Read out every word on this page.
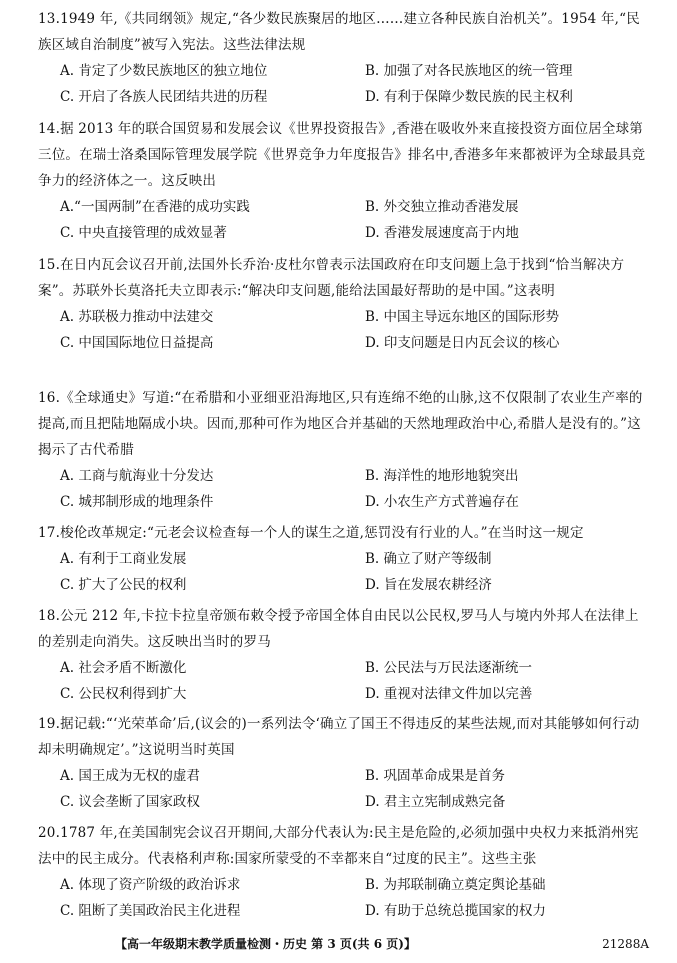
13.1949 年,《共同纲领》规定,“各少数民族聚居的地区……建立各种民族自治机关”。1954 年,“民族区域自治制度”被写入宪法。这些法律法规

A. 肯定了少数民族地区的独立地位	B. 加强了对各民族地区的统一管理
C. 开启了各族人民团结共进的历程	D. 有利于保障少数民族的民主权利

14.据 2013 年的联合国贸易和发展会议《世界投资报告》,香港在吸收外来直接投资方面位居全球第三位。在瑞士洛桑国际管理发展学院《世界竞争力年度报告》排名中,香港多年来都被评为全球最具竞争力的经济体之一。这反映出

A.“一国两制”在香港的成功实践	B. 外交独立推动香港发展
C. 中央直接管理的成效显著	D. 香港发展速度高于内地

15.在日内瓦会议召开前,法国外长乔治·皮杜尔曾表示法国政府在印支问题上急于找到“恰当解决方案”。苏联外长莫洛托夫立即表示:“解决印支问题,能给法国最好帮助的是中国。”这表明

A. 苏联极力推动中法建交	B. 中国主导远东地区的国际形势
C. 中国国际地位日益提高	D. 印支问题是日内瓦会议的核心

16.《全球通史》写道:“在希腊和小亚细亚沿海地区,只有连绵不绝的山脉,这不仅限制了农业生产率的提高,而且把陆地隔成小块。因而,那种可作为地区合并基础的天然地理政治中心,希腊人是没有的。”这揭示了古代希腊

A. 工商与航海业十分发达	B. 海洋性的地形地貌突出
C. 城邦制形成的地理条件	D. 小农生产方式普遍存在

17.梭伦改革规定:“元老会议检查每一个人的谋生之道,惩罚没有行业的人。”在当时这一规定

A. 有利于工商业发展	B. 确立了财产等级制
C. 扩大了公民的权利	D. 旨在发展农耕经济

18.公元 212 年,卡拉卡拉皇帝颁布敕令授予帝国全体自由民以公民权,罗马人与境内外邦人在法律上的差别走向消失。这反映出当时的罗马

A. 社会矛盾不断激化	B. 公民法与万民法逐渐统一
C. 公民权利得到扩大	D. 重视对法律文件加以完善

19.据记载:“‘光荣革命’后,(议会的)一系列法令‘确立了国王不得违反的某些法规,而对其能够如何行动却未明确规定’。”这说明当时英国

A. 国王成为无权的虚君	B. 巩固革命成果是首务
C. 议会垄断了国家政权	D. 君主立宪制成熟完备

20.1787 年,在美国制宪会议召开期间,大部分代表认为:民主是危险的,必须加强中央权力来抵消州宪法中的民主成分。代表格利声称:国家所蒙受的不幸都来自“过度的民主”。这些主张

A. 体现了资产阶级的政治诉求	B. 为邦联制确立奠定舆论基础
C. 阻断了美国政治民主化进程	D. 有助于总统总揽国家的权力
【高一年级期末教学质量检测・历史 第 3 页(共 6 页)】	21288A
